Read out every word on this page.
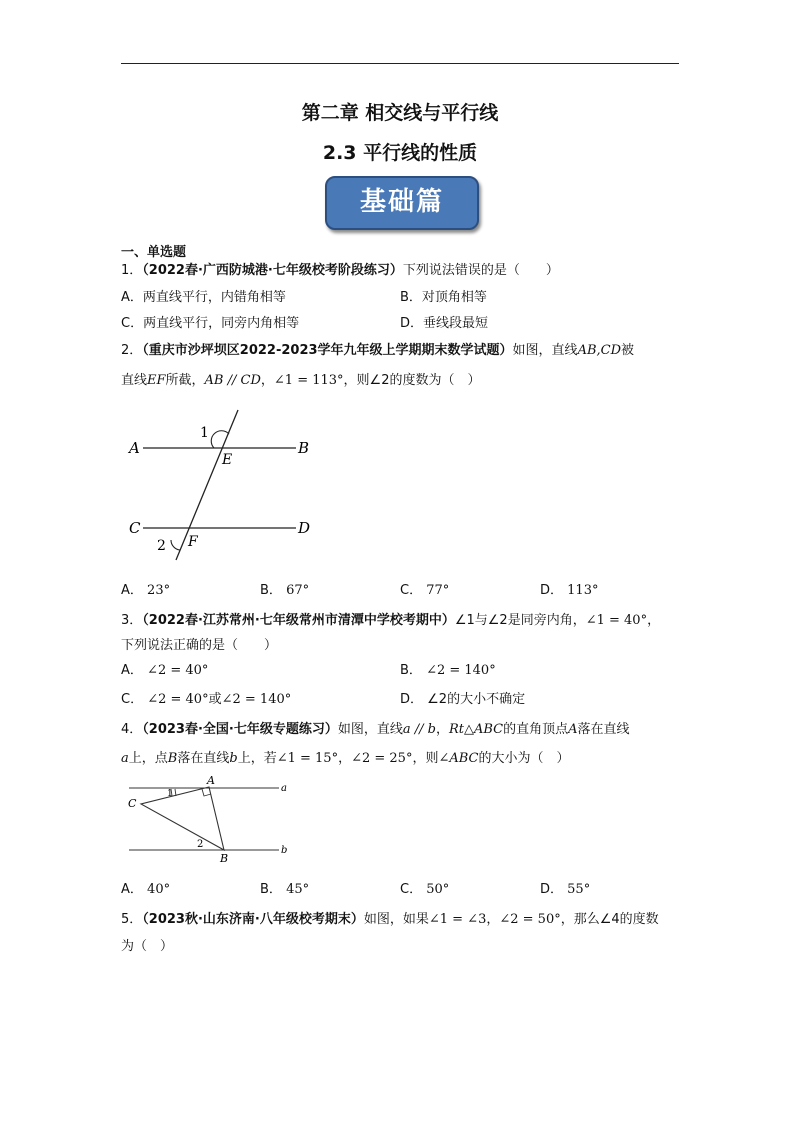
第二章 相交线与平行线
2.3 平行线的性质
基础篇
一、单选题
1．（2022春·广西防城港·七年级校考阶段练习）下列说法错误的是（　　）
A．两直线平行，内错角相等	B．对顶角相等
C．两直线平行，同旁内角相等	D．垂线段最短
2．（重庆市沙坪坝区2022-2023学年九年级上学期期末数学试题）如图，直线AB,CD被
直线EF所截，AB // CD，∠1 = 113°，则∠2的度数为（　）
A	B
C	D
E
F
1
2
A． 23°	B． 67°	C． 77°	D． 113°
3．（2022春·江苏常州·七年级常州市清潭中学校考期中）∠1与∠2是同旁内角，∠1 = 40°，
下列说法正确的是（　　）
A． ∠2 = 40°	B． ∠2 = 140°
C． ∠2 = 40°或∠2 = 140°	D． ∠2的大小不确定
4．（2023春·全国·七年级专题练习）如图，直线a // b，Rt△ABC的直角顶点A落在直线
a上，点B落在直线b上，若∠1 = 15°，∠2 = 25°，则∠ABC的大小为（　）
A
C
B
a
b
1
2
A． 40°	B． 45°	C． 50°	D． 55°
5．（2023秋·山东济南·八年级校考期末）如图，如果∠1 = ∠3，∠2 = 50°，那么∠4的度数
为（　）
